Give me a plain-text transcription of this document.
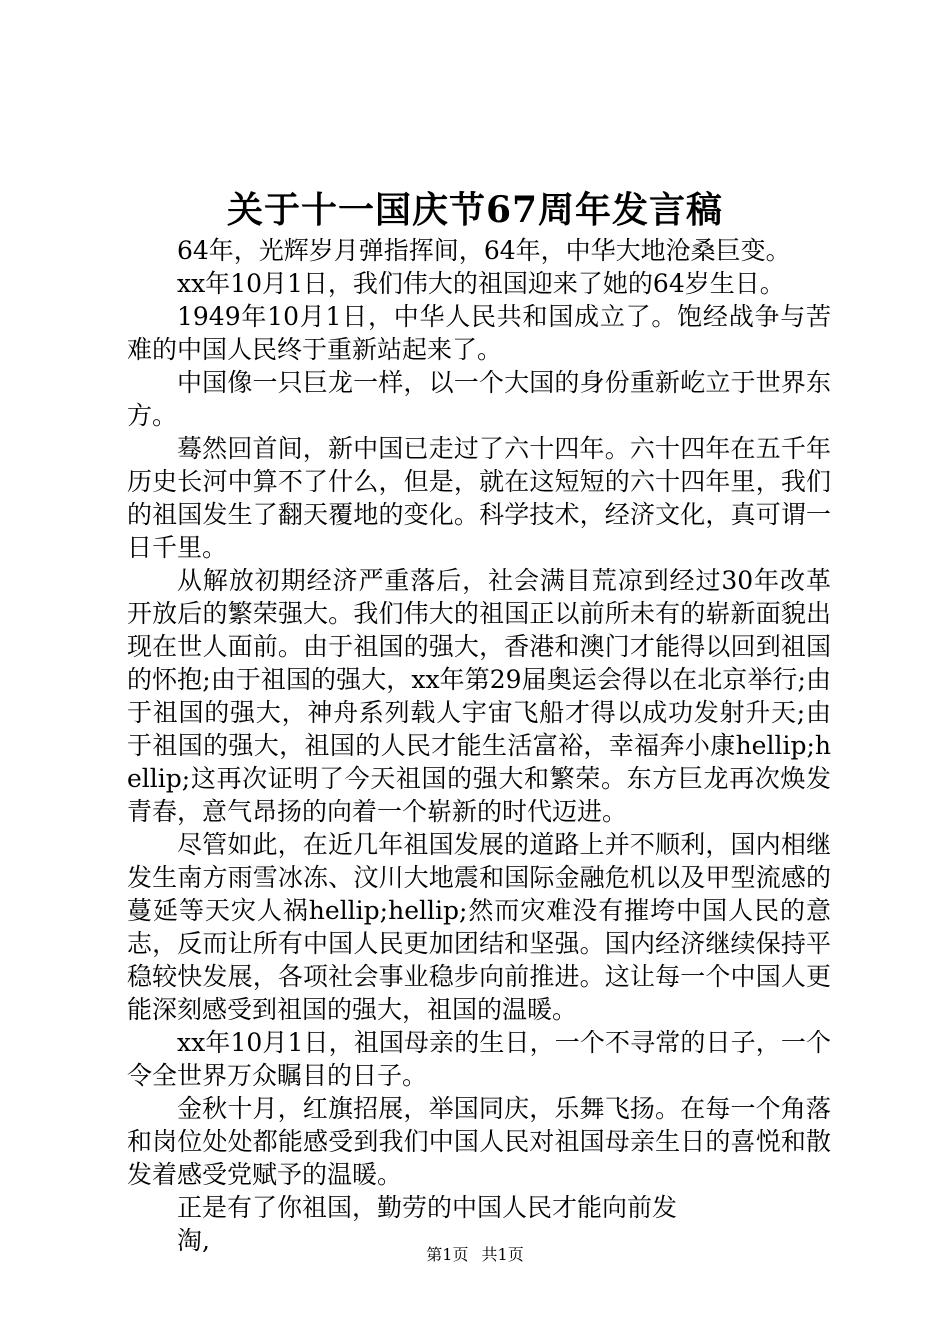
关于十一国庆节67周年发言稿

64年，光辉岁月弹指挥间，64年，中华大地沧桑巨变。

xx年10月1日，我们伟大的祖国迎来了她的64岁生日。

1949年10月1日，中华人民共和国成立了。饱经战争与苦难的中国人民终于重新站起来了。

中国像一只巨龙一样，以一个大国的身份重新屹立于世界东方。

蓦然回首间，新中国已走过了六十四年。六十四年在五千年历史长河中算不了什么，但是，就在这短短的六十四年里，我们的祖国发生了翻天覆地的变化。科学技术，经济文化，真可谓一日千里。

从解放初期经济严重落后，社会满目荒凉到经过30年改革开放后的繁荣强大。我们伟大的祖国正以前所未有的崭新面貌出现在世人面前。由于祖国的强大，香港和澳门才能得以回到祖国的怀抱;由于祖国的强大，xx年第29届奥运会得以在北京举行;由于祖国的强大，神舟系列载人宇宙飞船才得以成功发射升天;由于祖国的强大，祖国的人民才能生活富裕，幸福奔小康hellip;hellip;这再次证明了今天祖国的强大和繁荣。东方巨龙再次焕发青春，意气昂扬的向着一个崭新的时代迈进。

尽管如此，在近几年祖国发展的道路上并不顺利，国内相继发生南方雨雪冰冻、汶川大地震和国际金融危机以及甲型流感的蔓延等天灾人祸hellip;hellip;然而灾难没有摧垮中国人民的意志，反而让所有中国人民更加团结和坚强。国内经济继续保持平稳较快发展，各项社会事业稳步向前推进。这让每一个中国人更能深刻感受到祖国的强大，祖国的温暖。

xx年10月1日，祖国母亲的生日，一个不寻常的日子，一个令全世界万众瞩目的日子。

金秋十月，红旗招展，举国同庆，乐舞飞扬。在每一个角落和岗位处处都能感受到我们中国人民对祖国母亲生日的喜悦和散发着感受党赋予的温暖。

正是有了你祖国，勤劳的中国人民才能向前发

淘,	第1页 共1页
